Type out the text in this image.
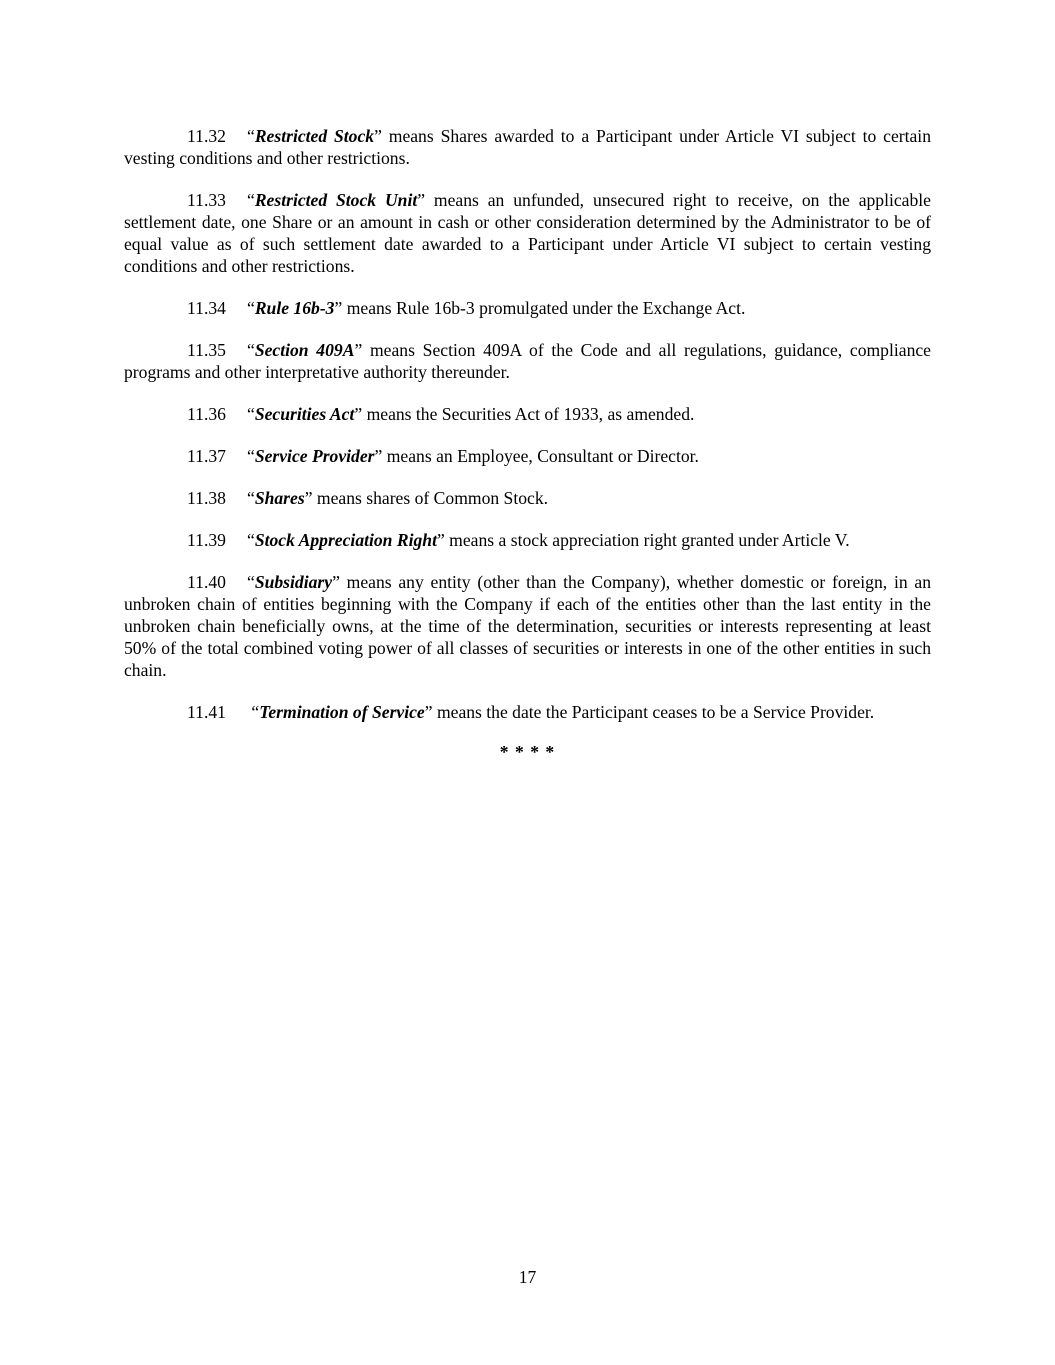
11.32 “Restricted Stock” means Shares awarded to a Participant under Article VI subject to certain vesting conditions and other restrictions.

11.33 “Restricted Stock Unit” means an unfunded, unsecured right to receive, on the applicable settlement date, one Share or an amount in cash or other consideration determined by the Administrator to be of equal value as of such settlement date awarded to a Participant under Article VI subject to certain vesting conditions and other restrictions.

11.34 “Rule 16b-3” means Rule 16b-3 promulgated under the Exchange Act.

11.35 “Section 409A” means Section 409A of the Code and all regulations, guidance, compliance programs and other interpretative authority thereunder.

11.36 “Securities Act” means the Securities Act of 1933, as amended.

11.37 “Service Provider” means an Employee, Consultant or Director.

11.38 “Shares” means shares of Common Stock.

11.39 “Stock Appreciation Right” means a stock appreciation right granted under Article V.

11.40 “Subsidiary” means any entity (other than the Company), whether domestic or foreign, in an unbroken chain of entities beginning with the Company if each of the entities other than the last entity in the unbroken chain beneficially owns, at the time of the determination, securities or interests representing at least 50% of the total combined voting power of all classes of securities or interests in one of the other entities in such chain.

11.41 “Termination of Service” means the date the Participant ceases to be a Service Provider.

* * * *
17
